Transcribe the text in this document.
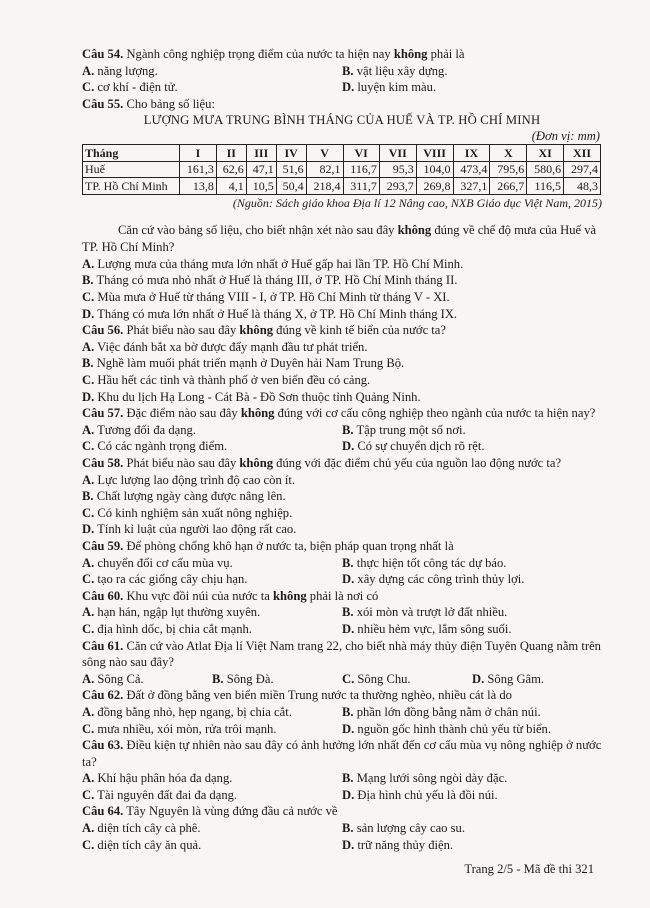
Câu 54. Ngành công nghiệp trọng điểm của nước ta hiện nay không phải là

A. năng lượng.	B. vật liệu xây dựng.
C. cơ khí - điện tử.	D. luyện kim màu.

Câu 55. Cho bảng số liệu:

LƯỢNG MƯA TRUNG BÌNH THÁNG CỦA HUẾ VÀ TP. HỒ CHÍ MINH

(Đơn vị: mm)

Tháng	I	II	III	IV	V	VI	VII	VIII	IX	X	XI	XII
Huế	161,3	62,6	47,1	51,6	82,1	116,7	95,3	104,0	473,4	795,6	580,6	297,4
TP. Hồ Chí Minh	13,8	4,1	10,5	50,4	218,4	311,7	293,7	269,8	327,1	266,7	116,5	48,3

(Nguồn: Sách giáo khoa Địa lí 12 Nâng cao, NXB Giáo dục Việt Nam, 2015)

Căn cứ vào bảng số liệu, cho biết nhận xét nào sau đây không đúng về chế độ mưa của Huế và TP. Hồ Chí Minh?

A. Lượng mưa của tháng mưa lớn nhất ở Huế gấp hai lần TP. Hồ Chí Minh.

B. Tháng có mưa nhỏ nhất ở Huế là tháng III, ở TP. Hồ Chí Minh tháng II.

C. Mùa mưa ở Huế từ tháng VIII - I, ở TP. Hồ Chí Minh từ tháng V - XI.

D. Tháng có mưa lớn nhất ở Huế là tháng X, ở TP. Hồ Chí Minh tháng IX.

Câu 56. Phát biểu nào sau đây không đúng về kinh tế biển của nước ta?

A. Việc đánh bắt xa bờ được đẩy mạnh đầu tư phát triển.

B. Nghề làm muối phát triển mạnh ở Duyên hải Nam Trung Bộ.

C. Hầu hết các tỉnh và thành phố ở ven biển đều có cảng.

D. Khu du lịch Hạ Long - Cát Bà - Đồ Sơn thuộc tỉnh Quảng Ninh.

Câu 57. Đặc điểm nào sau đây không đúng với cơ cấu công nghiệp theo ngành của nước ta hiện nay?

A. Tương đối đa dạng.	B. Tập trung một số nơi.
C. Có các ngành trọng điểm.	D. Có sự chuyển dịch rõ rệt.

Câu 58. Phát biểu nào sau đây không đúng với đặc điểm chủ yếu của nguồn lao động nước ta?

A. Lực lượng lao động trình độ cao còn ít.

B. Chất lượng ngày càng được nâng lên.

C. Có kinh nghiệm sản xuất nông nghiệp.

D. Tính kỉ luật của người lao động rất cao.

Câu 59. Để phòng chống khô hạn ở nước ta, biện pháp quan trọng nhất là

A. chuyển đổi cơ cấu mùa vụ.	B. thực hiện tốt công tác dự báo.
C. tạo ra các giống cây chịu hạn.	D. xây dựng các công trình thủy lợi.

Câu 60. Khu vực đồi núi của nước ta không phải là nơi có

A. hạn hán, ngập lụt thường xuyên.	B. xói mòn và trượt lở đất nhiều.
C. địa hình dốc, bị chia cắt mạnh.	D. nhiều hẻm vực, lắm sông suối.

Câu 61. Căn cứ vào Atlat Địa lí Việt Nam trang 22, cho biết nhà máy thủy điện Tuyên Quang nằm trên sông nào sau đây?

A. Sông Cả.	B. Sông Đà.	C. Sông Chu.	D. Sông Gâm.

Câu 62. Đất ở đồng bằng ven biển miền Trung nước ta thường nghèo, nhiều cát là do

A. đồng bằng nhỏ, hẹp ngang, bị chia cắt.	B. phần lớn đồng bằng nằm ở chân núi.
C. mưa nhiều, xói mòn, rửa trôi mạnh.	D. nguồn gốc hình thành chủ yếu từ biển.

Câu 63. Điều kiện tự nhiên nào sau đây có ảnh hưởng lớn nhất đến cơ cấu mùa vụ nông nghiệp ở nước ta?

A. Khí hậu phân hóa đa dạng.	B. Mạng lưới sông ngòi dày đặc.
C. Tài nguyên đất đai đa dạng.	D. Địa hình chủ yếu là đồi núi.

Câu 64. Tây Nguyên là vùng đứng đầu cả nước về

A. diện tích cây cà phê.	B. sản lượng cây cao su.
C. diện tích cây ăn quả.	D. trữ năng thủy điện.
Trang 2/5 - Mã đề thi 321
